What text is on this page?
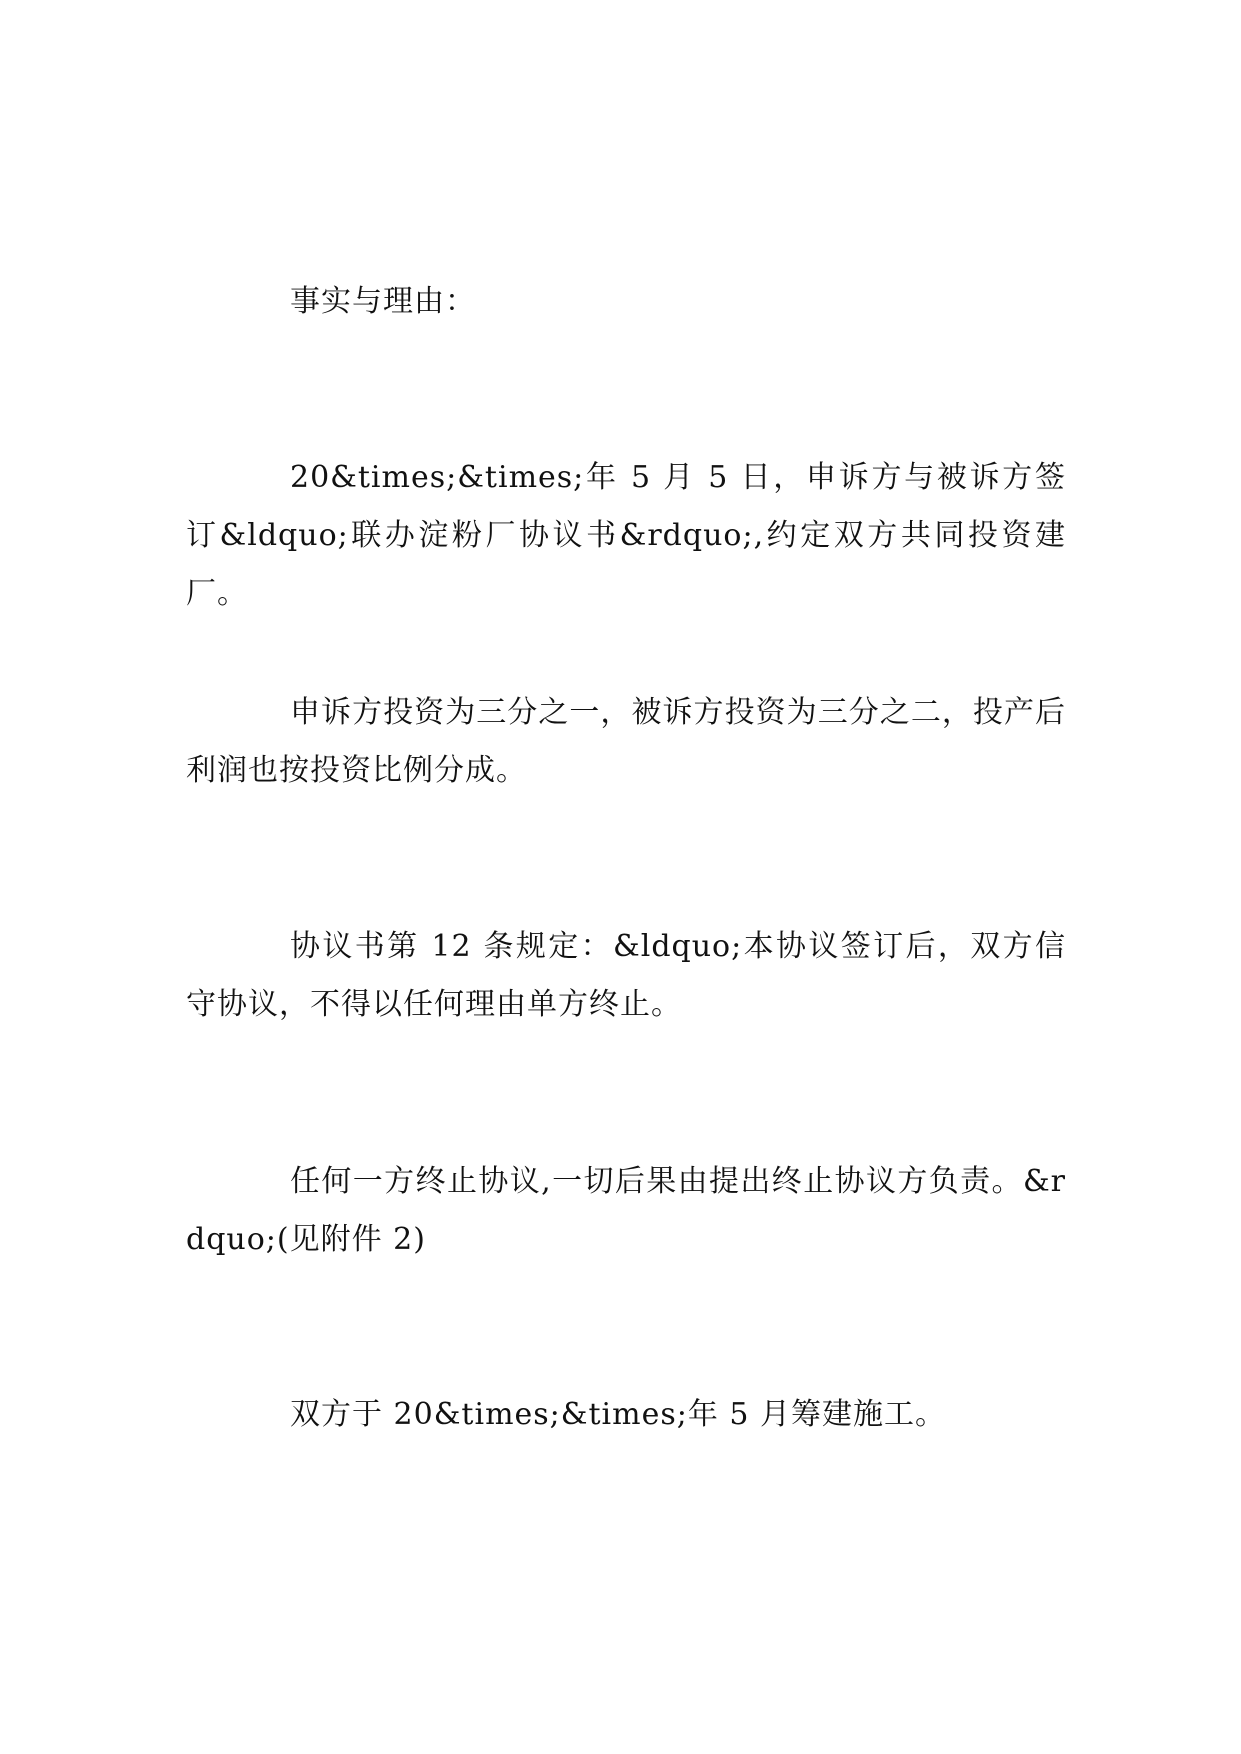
事实与理由：

20&times;&times;年 5 月 5 日，申诉方与被诉方签订&ldquo;联办淀粉厂协议书&rdquo;,约定双方共同投资建厂。

申诉方投资为三分之一，被诉方投资为三分之二，投产后利润也按投资比例分成。

协议书第 12 条规定：&ldquo;本协议签订后，双方信守协议，不得以任何理由单方终止。

任何一方终止协议,一切后果由提出终止协议方负责。&rdquo;(见附件 2)

双方于 20&times;&times;年 5 月筹建施工。
